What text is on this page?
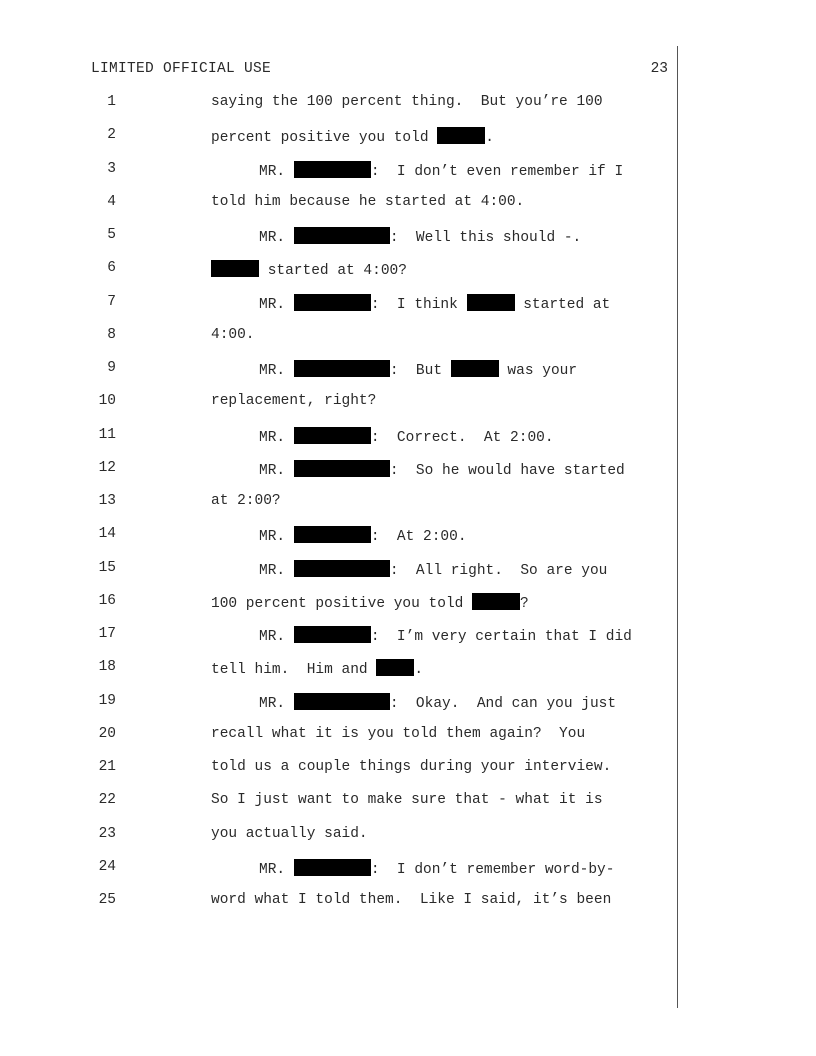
LIMITED OFFICIAL USE	23
1	saying the 100 percent thing.  But you’re 100
2	percent positive you told	.
3	MR.	:  I don’t even remember if I
4	told him because he started at 4:00.
5	MR.	:  Well this should -.
6	started at 4:00?
7	MR.	:  I think	started at
8	4:00.
9	MR.	:  But	was your
10	replacement, right?
11	MR.	:  Correct.  At 2:00.
12	MR.	:  So he would have started
13	at 2:00?
14	MR.	:  At 2:00.
15	MR.	:  All right.  So are you
16	100 percent positive you told	?
17	MR.	:  I’m very certain that I did
18	tell him.  Him and	.
19	MR.	:  Okay.  And can you just
20	recall what it is you told them again?  You
21	told us a couple things during your interview.
22	So I just want to make sure that - what it is
23	you actually said.
24	MR.	:  I don’t remember word-by-
25	word what I told them.  Like I said, it’s been
